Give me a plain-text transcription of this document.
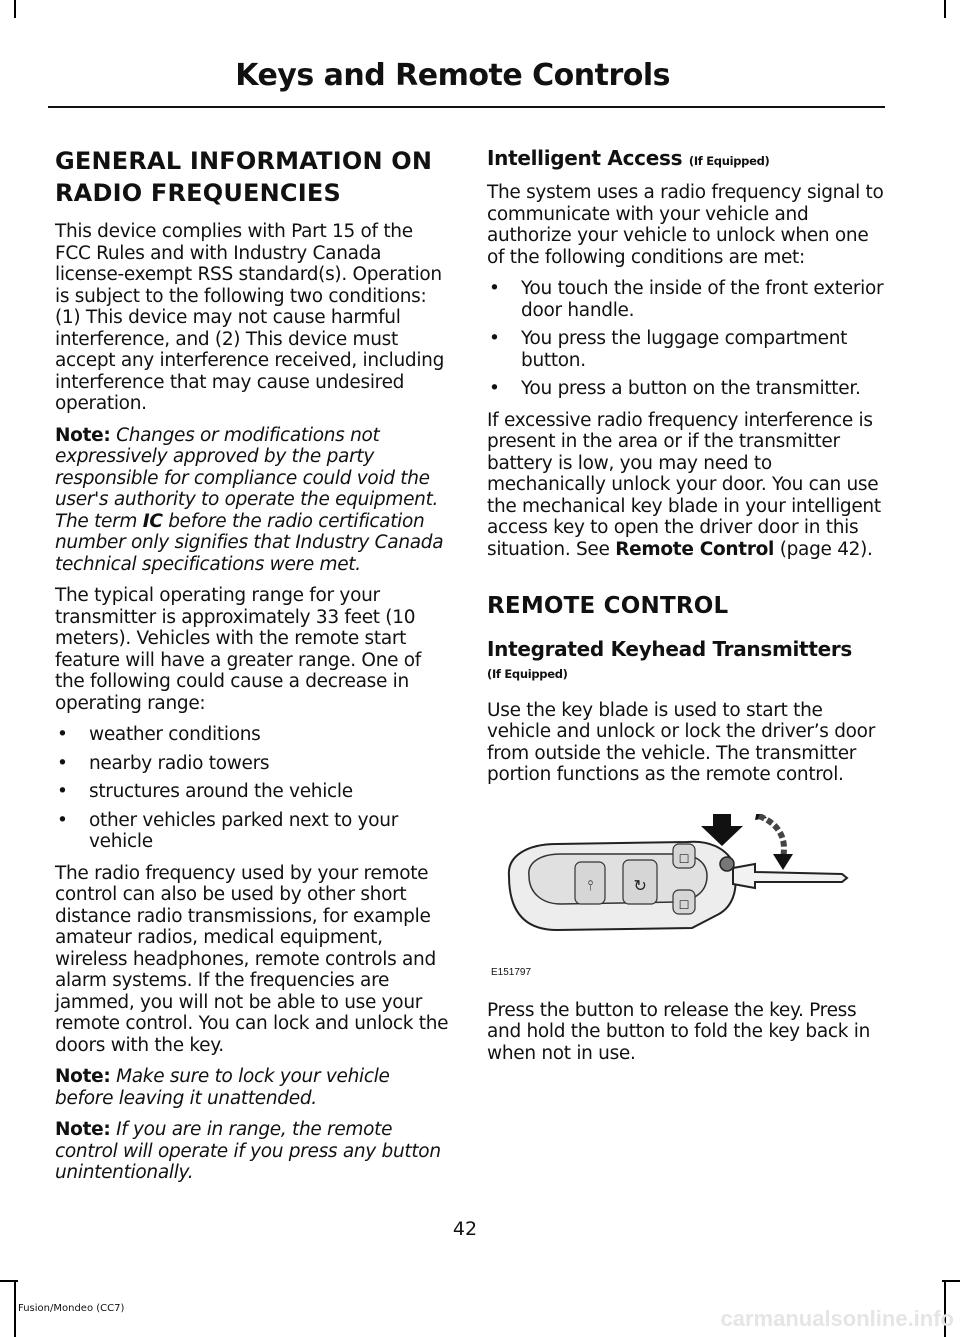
Keys and Remote Controls
GENERAL INFORMATION ON
RADIO FREQUENCIES

This device complies with Part 15 of the FCC Rules and with Industry Canada license-exempt RSS standard(s). Operation is subject to the following two conditions: (1) This device may not cause harmful interference, and (2) This device must accept any interference received, including interference that may cause undesired operation.

Note: Changes or modifications not expressively approved by the party responsible for compliance could void the user's authority to operate the equipment. The term IC before the radio certification number only signifies that Industry Canada technical specifications were met.

The typical operating range for your transmitter is approximately 33 feet (10 meters). Vehicles with the remote start feature will have a greater range. One of the following could cause a decrease in operating range:

• weather conditions
• nearby radio towers
• structures around the vehicle
• other vehicles parked next to your vehicle

The radio frequency used by your remote control can also be used by other short distance radio transmissions, for example amateur radios, medical equipment, wireless headphones, remote controls and alarm systems. If the frequencies are jammed, you will not be able to use your remote control. You can lock and unlock the doors with the key.

Note: Make sure to lock your vehicle before leaving it unattended.

Note: If you are in range, the remote control will operate if you press any button unintentionally.

Intelligent Access (If Equipped)

The system uses a radio frequency signal to communicate with your vehicle and authorize your vehicle to unlock when one of the following conditions are met:

• You touch the inside of the front exterior door handle.
• You press the luggage compartment button.
• You press a button on the transmitter.

If excessive radio frequency interference is present in the area or if the transmitter battery is low, you may need to mechanically unlock your door. You can use the mechanical key blade in your intelligent access key to open the driver door in this situation. See Remote Control (page 42).

REMOTE CONTROL
Integrated Keyhead Transmitters
(If Equipped)

Use the key blade is used to start the vehicle and unlock or lock the driver’s door from outside the vehicle. The transmitter portion functions as the remote control.

⫯	↻
☐
☐
E151797

Press the button to release the key. Press and hold the button to fold the key back in when not in use.

42
Fusion/Mondeo (CC7)	carmanualsonline.info
